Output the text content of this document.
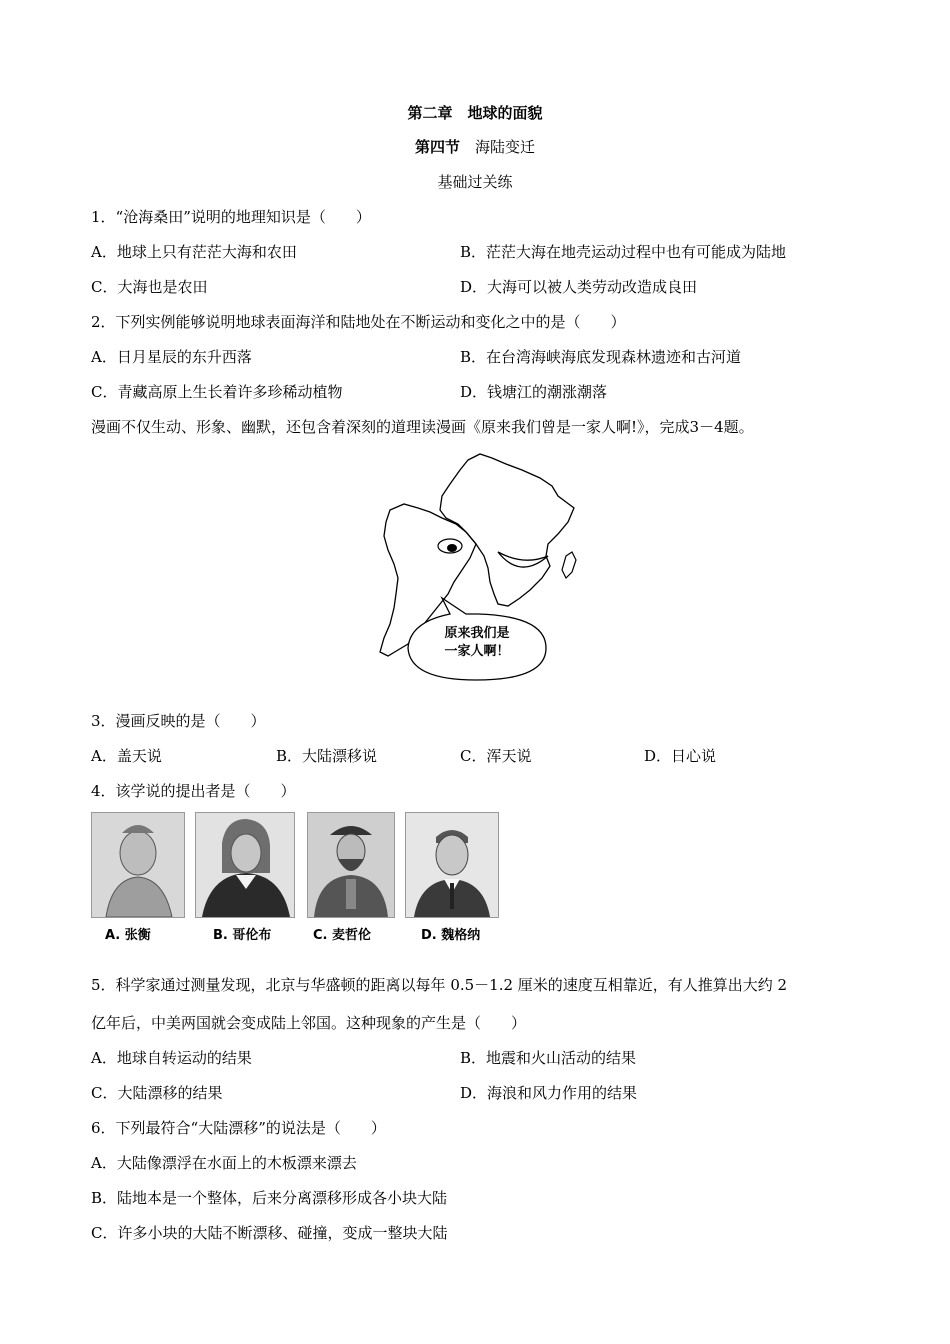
第二章　地球的面貌
第四节　 海陆变迁
基础过关练
1．“沧海桑田”说明的地理知识是（　　）
A．地球上只有茫茫大海和农田	B．茫茫大海在地壳运动过程中也有可能成为陆地
C．大海也是农田	D．大海可以被人类劳动改造成良田
2．下列实例能够说明地球表面海洋和陆地处在不断运动和变化之中的是（　　）
A．日月星辰的东升西落	B．在台湾海峡海底发现森林遗迹和古河道
C．青藏高原上生长着许多珍稀动植物	D．钱塘江的潮涨潮落
漫画不仅生动、形象、幽默，还包含着深刻的道理读漫画《原来我们曾是一家人啊!》，完成3－4题。
原来我们是
一家人啊！
3．漫画反映的是（　　）
A．盖天说	B．大陆漂移说	C．浑天说	D．日心说
4．该学说的提出者是（　　）
A. 张衡	B. 哥伦布	C. 麦哲伦	D. 魏格纳
5．科学家通过测量发现，北京与华盛顿的距离以每年 0.5－1.2 厘米的速度互相靠近，有人推算出大约 2
亿年后，中美两国就会变成陆上邻国。这种现象的产生是（　　）
A．地球自转运动的结果	B．地震和火山活动的结果
C．大陆漂移的结果	D．海浪和风力作用的结果
6．下列最符合“大陆漂移”的说法是（　　）
A．大陆像漂浮在水面上的木板漂来漂去
B．陆地本是一个整体，后来分离漂移形成各小块大陆
C．许多小块的大陆不断漂移、碰撞，变成一整块大陆
